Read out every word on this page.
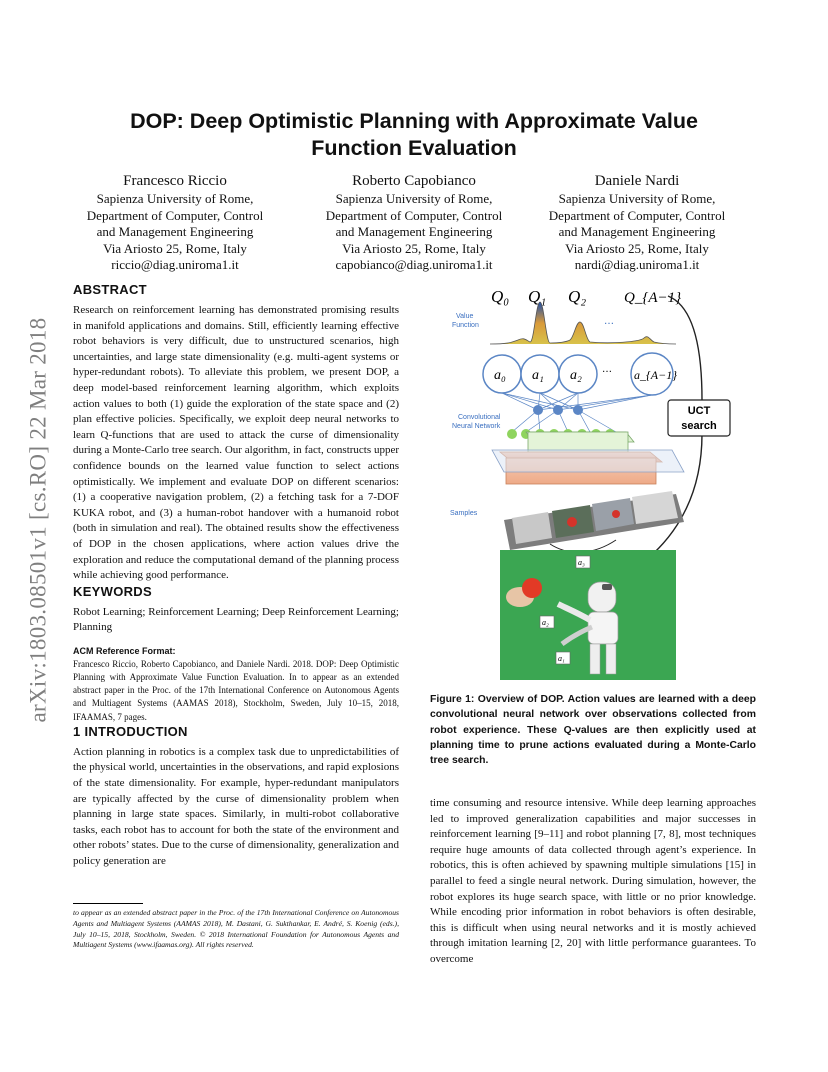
arXiv:1803.08501v1 [cs.RO] 22 Mar 2018
DOP: Deep Optimistic Planning with Approximate Value Function Evaluation
Francesco Riccio
Sapienza University of Rome,
Department of Computer, Control
and Management Engineering
Via Ariosto 25, Rome, Italy
riccio@diag.uniroma1.it
Roberto Capobianco
Sapienza University of Rome,
Department of Computer, Control
and Management Engineering
Via Ariosto 25, Rome, Italy
capobianco@diag.uniroma1.it
Daniele Nardi
Sapienza University of Rome,
Department of Computer, Control
and Management Engineering
Via Ariosto 25, Rome, Italy
nardi@diag.uniroma1.it
ABSTRACT

Research on reinforcement learning has demonstrated promising results in manifold applications and domains. Still, efficiently learning effective robot behaviors is very difficult, due to unstructured scenarios, high uncertainties, and large state dimensionality (e.g. multi-agent systems or hyper-redundant robots). To alleviate this problem, we present DOP, a deep model-based reinforcement learning algorithm, which exploits action values to both (1) guide the exploration of the state space and (2) plan effective policies. Specifically, we exploit deep neural networks to learn Q-functions that are used to attack the curse of dimensionality during a Monte-Carlo tree search. Our algorithm, in fact, constructs upper confidence bounds on the learned value function to select actions optimistically. We implement and evaluate DOP on different scenarios: (1) a cooperative navigation problem, (2) a fetching task for a 7-DOF KUKA robot, and (3) a human-robot handover with a humanoid robot (both in simulation and real). The obtained results show the effectiveness of DOP in the chosen applications, where action values drive the exploration and reduce the computational demand of the planning process while achieving good performance.

KEYWORDS

Robot Learning; Reinforcement Learning; Deep Reinforcement Learning; Planning

ACM Reference Format:

Francesco Riccio, Roberto Capobianco, and Daniele Nardi. 2018. DOP: Deep Optimistic Planning with Approximate Value Function Evaluation. In to appear as an extended abstract paper in the Proc. of the 17th International Conference on Autonomous Agents and Multiagent Systems (AAMAS 2018), Stockholm, Sweden, July 10–15, 2018, IFAAMAS, 7 pages.

1 INTRODUCTION

Action planning in robotics is a complex task due to unpredictabilities of the physical world, uncertainties in the observations, and rapid explosions of the state dimensionality. For example, hyper-redundant manipulators are typically affected by the curse of dimensionality problem when planning in large state spaces. Similarly, in multi-robot collaborative tasks, each robot has to account for both the state of the environment and other robots’ states. Due to the curse of dimensionality, generalization and policy generation are

to appear as an extended abstract paper in the Proc. of the 17th International Conference on Autonomous Agents and Multiagent Systems (AAMAS 2018), M. Dastani, G. Sukthankar, E. André, S. Koenig (eds.), July 10–15, 2018, Stockholm, Sweden. © 2018 International Foundation for Autonomous Agents and Multiagent Systems (www.ifaamas.org). All rights reserved.

Q₀ Q₁ Q₂	Q_{A−1}
Value
Function	…
a₀ a₁ a₂	a_{A−1}
…
UCT
search
Convolutional
Neural Network
Samples
a₃
a₂
a₁

Figure 1: Overview of DOP. Action values are learned with a deep convolutional neural network over observations collected from robot experience. These Q-values are then explicitly used at planning time to prune actions evaluated during a Monte-Carlo tree search.

time consuming and resource intensive. While deep learning approaches led to improved generalization capabilities and major successes in reinforcement learning [9–11] and robot planning [7, 8], most techniques require huge amounts of data collected through agent’s experience. In robotics, this is often achieved by spawning multiple simulations [15] in parallel to feed a single neural network. During simulation, however, the robot explores its huge search space, with little or no prior knowledge. While encoding prior information in robot behaviors is often desirable, this is difficult when using neural networks and it is mostly achieved through imitation learning [2, 20] with little performance guarantees. To overcome
